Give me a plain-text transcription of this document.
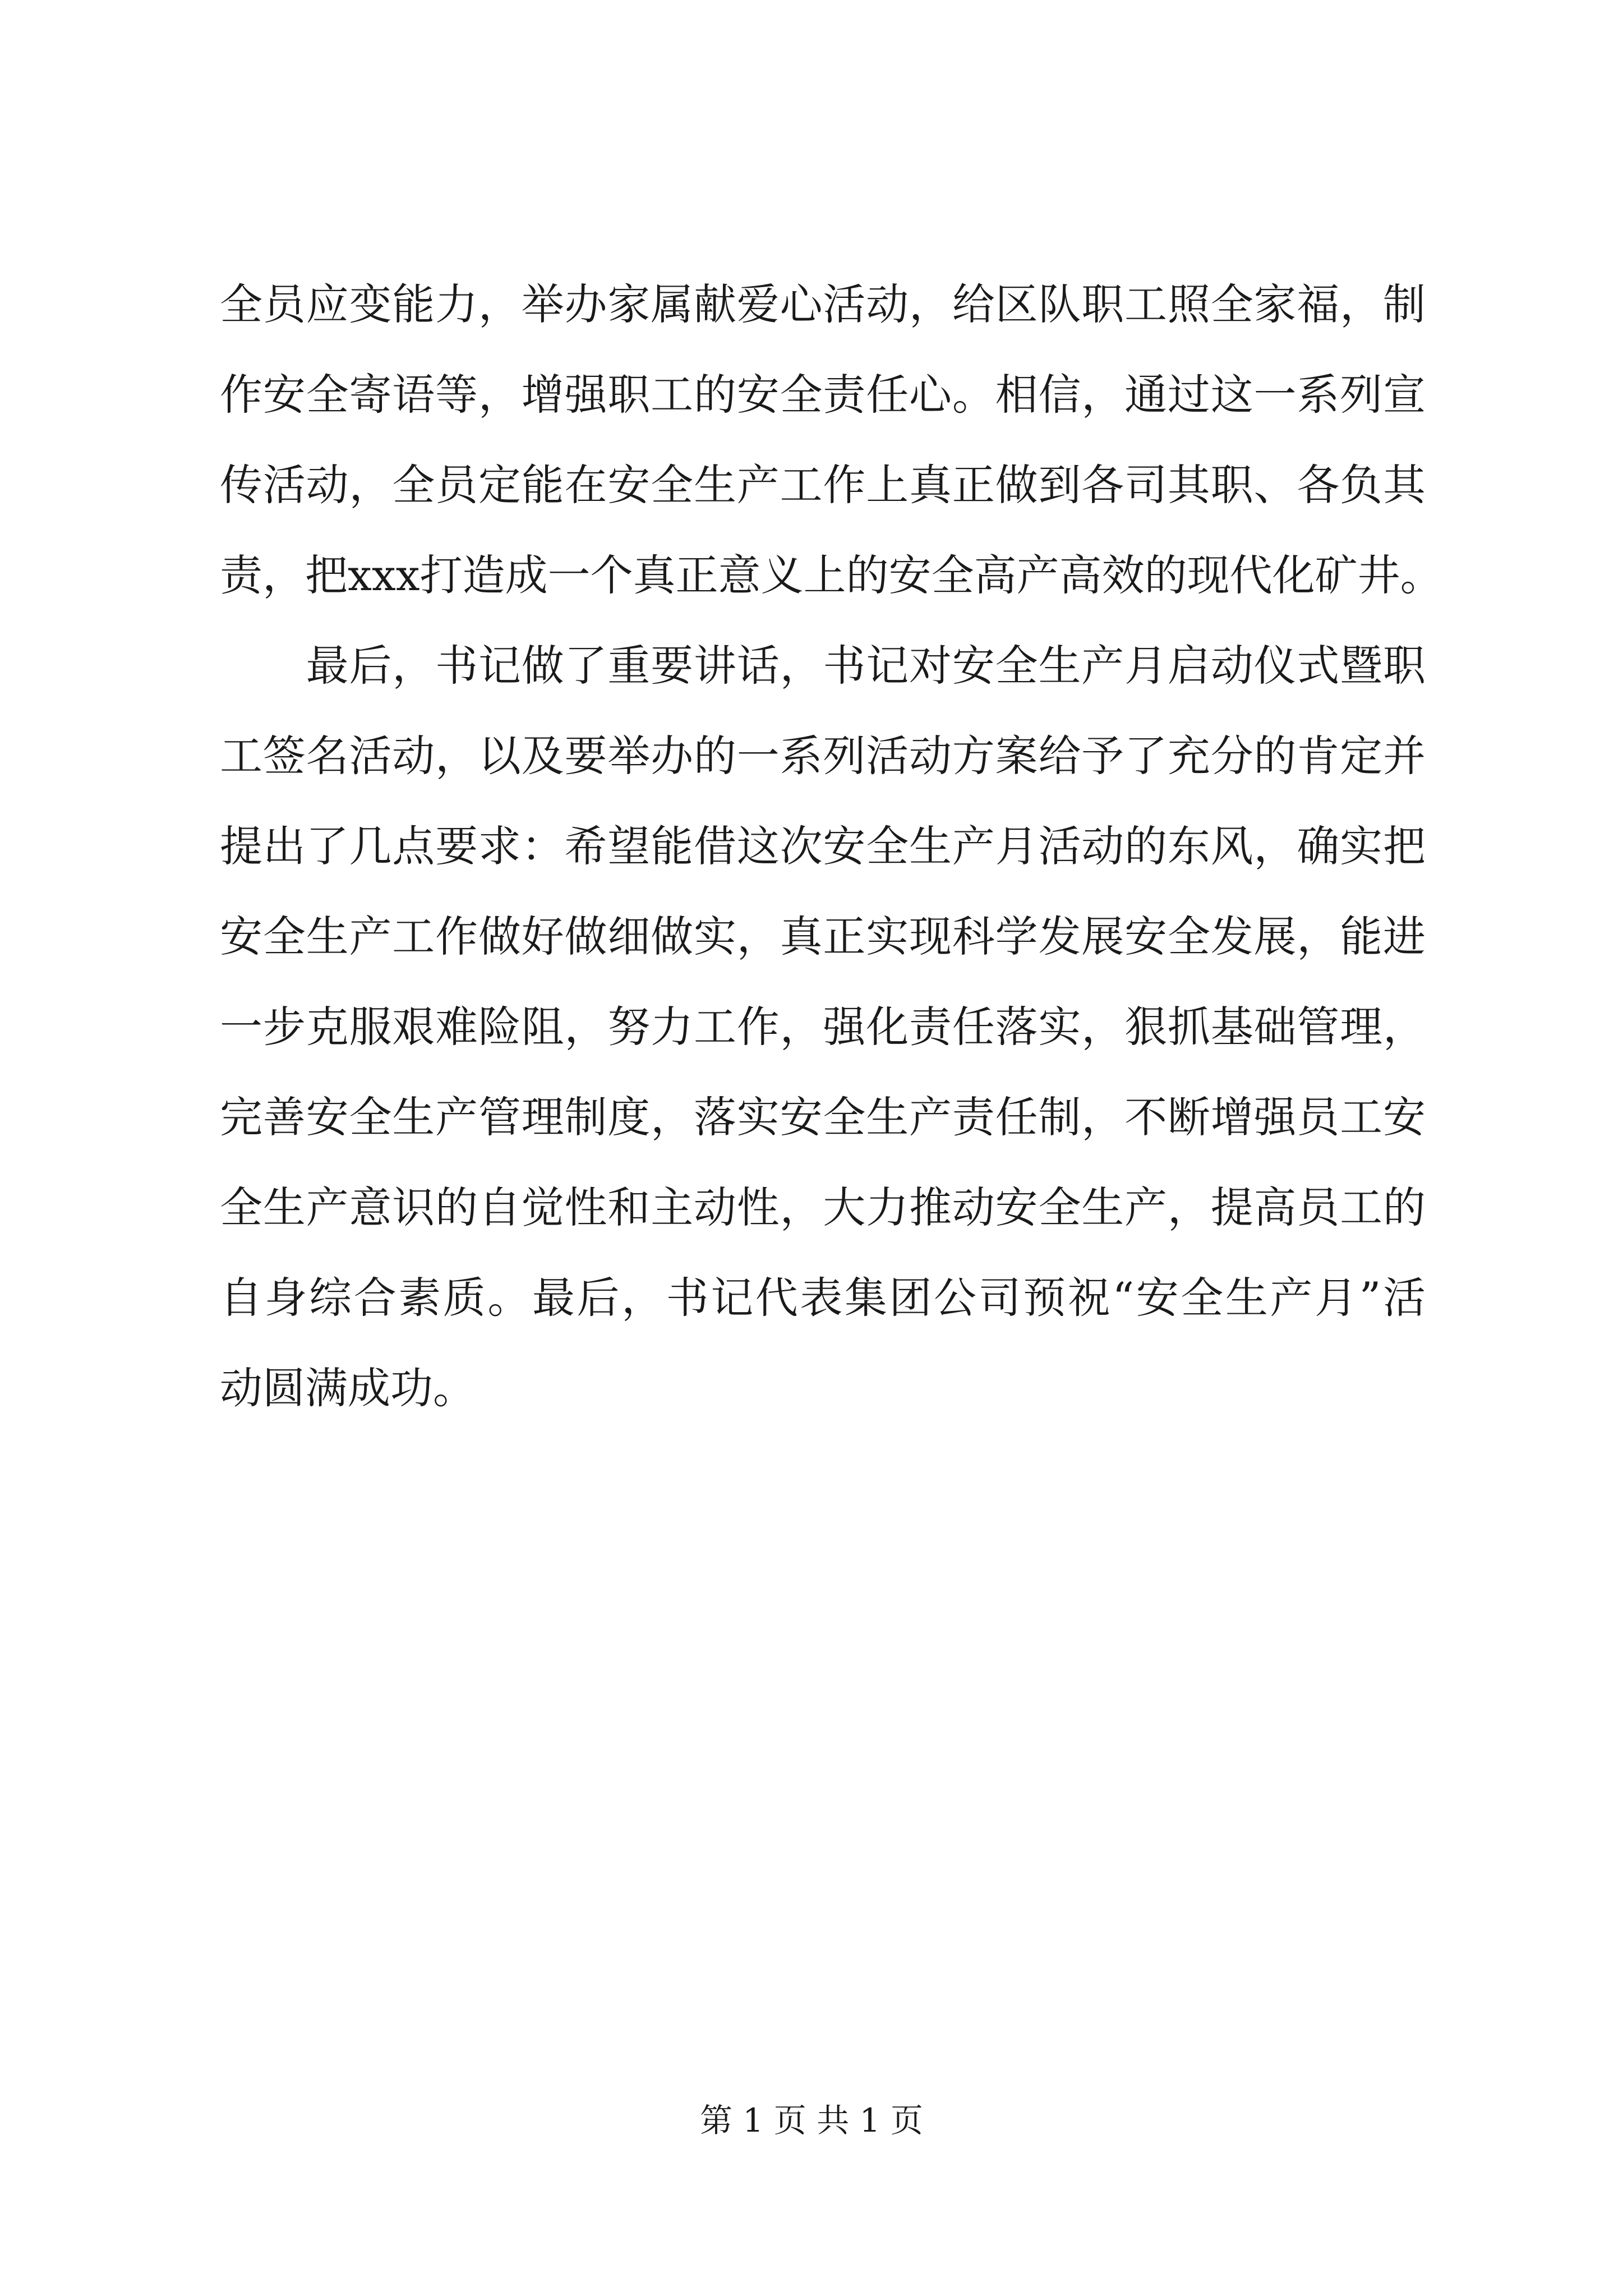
全员应变能力，举办家属献爱心活动，给区队职工照全家福，制
作安全寄语等，增强职工的安全责任心。相信，通过这一系列宣
传活动，全员定能在安全生产工作上真正做到各司其职、各负其
责，把xxx打造成一个真正意义上的安全高产高效的现代化矿井。
　　最后，书记做了重要讲话，书记对安全生产月启动仪式暨职
工签名活动，以及要举办的一系列活动方案给予了充分的肯定并
提出了几点要求：希望能借这次安全生产月活动的东风，确实把
安全生产工作做好做细做实，真正实现科学发展安全发展，能进
一步克服艰难险阻，努力工作，强化责任落实，狠抓基础管理，
完善安全生产管理制度，落实安全生产责任制，不断增强员工安
全生产意识的自觉性和主动性，大力推动安全生产，提高员工的
自身综合素质。最后，书记代表集团公司预祝“安全生产月”活
动圆满成功。
第 1 页 共 1 页
